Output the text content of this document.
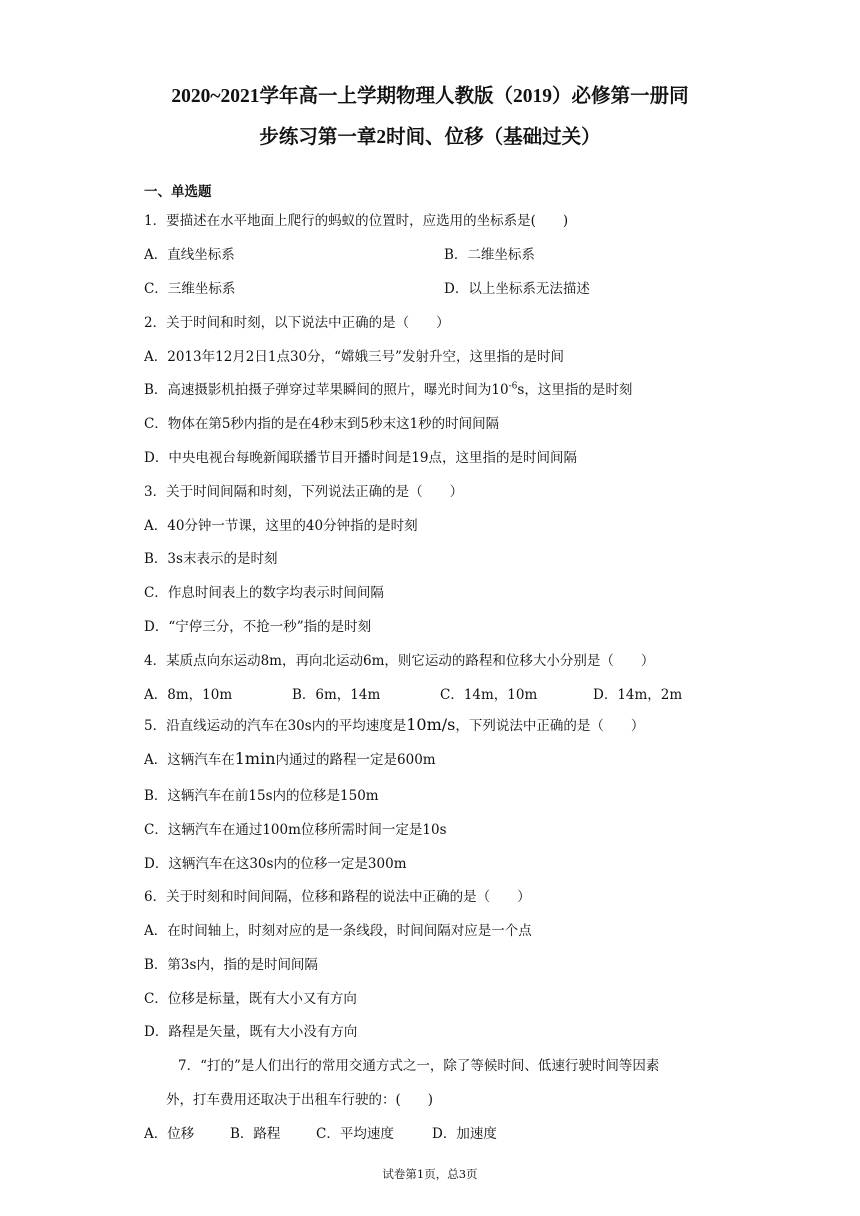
2020~2021学年高一上学期物理人教版（2019）必修第一册同
步练习第一章2时间、位移（基础过关）
一、单选题
1．要描述在水平地面上爬行的蚂蚁的位置时，应选用的坐标系是(　　)
A．直线坐标系	B．二维坐标系
C．三维坐标系	D．以上坐标系无法描述
2．关于时间和时刻，以下说法中正确的是（　　）
A．2013年12月2日1点30分，“嫦娥三号”发射升空，这里指的是时间
B．高速摄影机拍摄子弹穿过苹果瞬间的照片，曝光时间为$10^{-6}s$，这里指的是时刻
C．物体在第5秒内指的是在4秒末到5秒末这1秒的时间间隔
D．中央电视台每晚新闻联播节目开播时间是19点，这里指的是时间间隔
3．关于时间间隔和时刻，下列说法正确的是（　　）
A．40分钟一节课，这里的40分钟指的是时刻
B．3s末表示的是时刻
C．作息时间表上的数字均表示时间间隔
D．“宁停三分，不抢一秒”指的是时刻
4．某质点向东运动8m，再向北运动6m，则它运动的路程和位移大小分别是（　　）
A．8m，10m	B．6m，14m	C．14m，10m	D．14m，2m
5．沿直线运动的汽车在30s内的平均速度是10m/s，下列说法中正确的是（　　）
A．这辆汽车在1min内通过的路程一定是600m
B．这辆汽车在前15s内的位移是150m
C．这辆汽车在通过100m位移所需时间一定是10s
D．这辆汽车在这30s内的位移一定是300m
6．关于时刻和时间间隔，位移和路程的说法中正确的是（　　）
A．在时间轴上，时刻对应的是一条线段，时间间隔对应是一个点
B．第3s内，指的是时间间隔
C．位移是标量，既有大小又有方向
D．路程是矢量，既有大小没有方向
7．“打的”是人们出行的常用交通方式之一，除了等候时间、低速行驶时间等因素
外，打车费用还取决于出租车行驶的：(　　)
A．位移	B．路程	C．平均速度	D．加速度
试卷第1页，总3页
